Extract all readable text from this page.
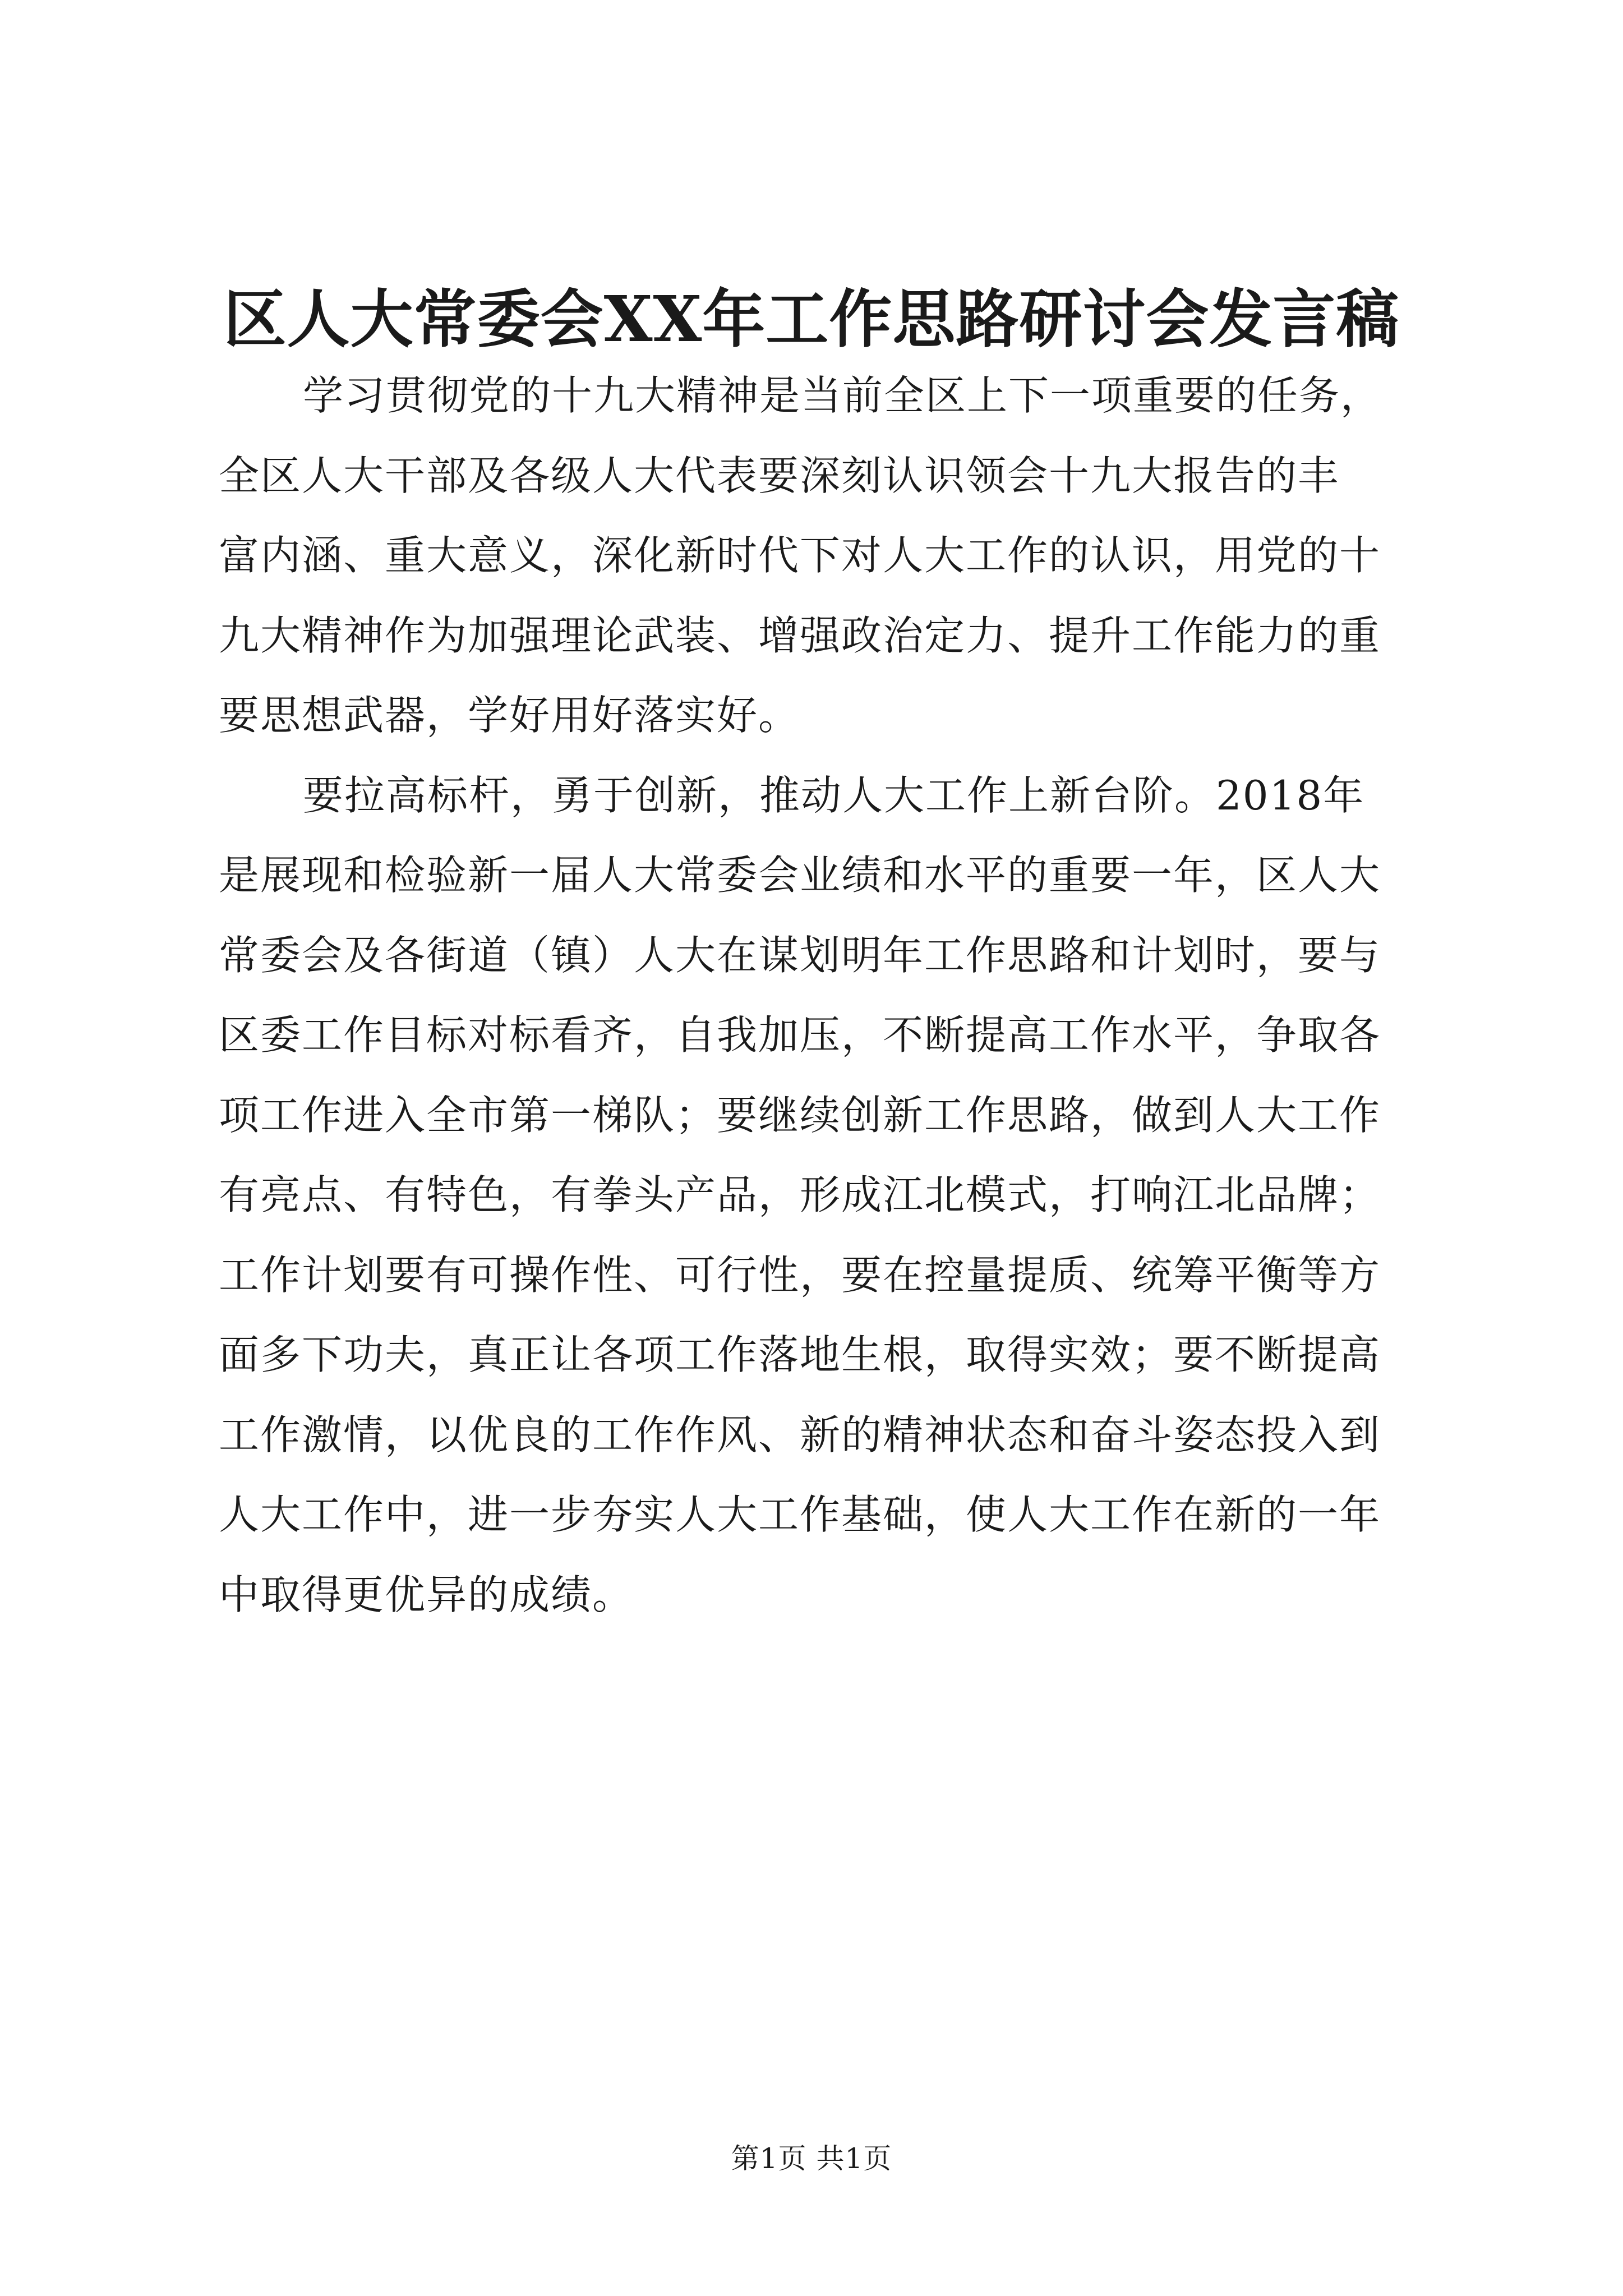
区人大常委会XX年工作思路研讨会发言稿
学习贯彻党的十九大精神是当前全区上下一项重要的任务，
全区人大干部及各级人大代表要深刻认识领会十九大报告的丰
富内涵、重大意义，深化新时代下对人大工作的认识，用党的十
九大精神作为加强理论武装、增强政治定力、提升工作能力的重
要思想武器，学好用好落实好。
要拉高标杆，勇于创新，推动人大工作上新台阶。2018年
是展现和检验新一届人大常委会业绩和水平的重要一年，区人大
常委会及各街道（镇）人大在谋划明年工作思路和计划时，要与
区委工作目标对标看齐，自我加压，不断提高工作水平，争取各
项工作进入全市第一梯队；要继续创新工作思路，做到人大工作
有亮点、有特色，有拳头产品，形成江北模式，打响江北品牌；
工作计划要有可操作性、可行性，要在控量提质、统筹平衡等方
面多下功夫，真正让各项工作落地生根，取得实效；要不断提高
工作激情，以优良的工作作风、新的精神状态和奋斗姿态投入到
人大工作中，进一步夯实人大工作基础，使人大工作在新的一年
中取得更优异的成绩。
第1页 共1页
